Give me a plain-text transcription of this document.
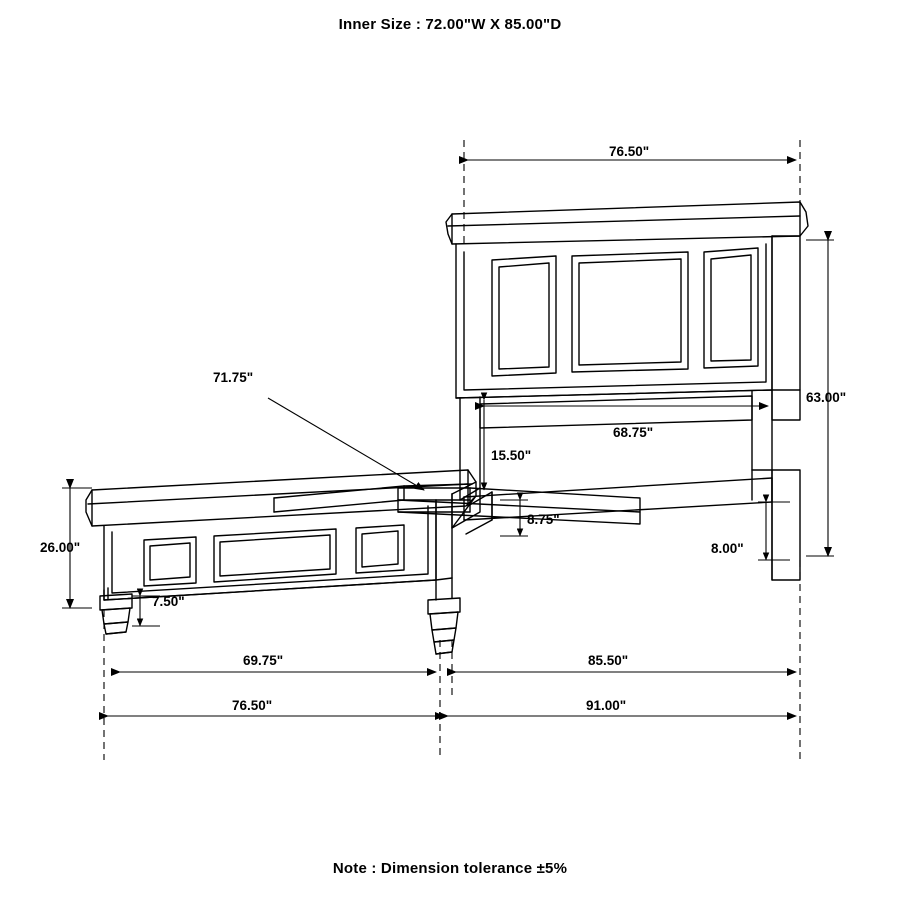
Inner Size : 72.00"W X 85.00"D
76.50"
63.00"
68.75"
15.50"
8.75"
8.00"
71.75"
26.00"
7.50"
69.75"	85.50"
76.50"	91.00"
Note : Dimension tolerance ±5%
